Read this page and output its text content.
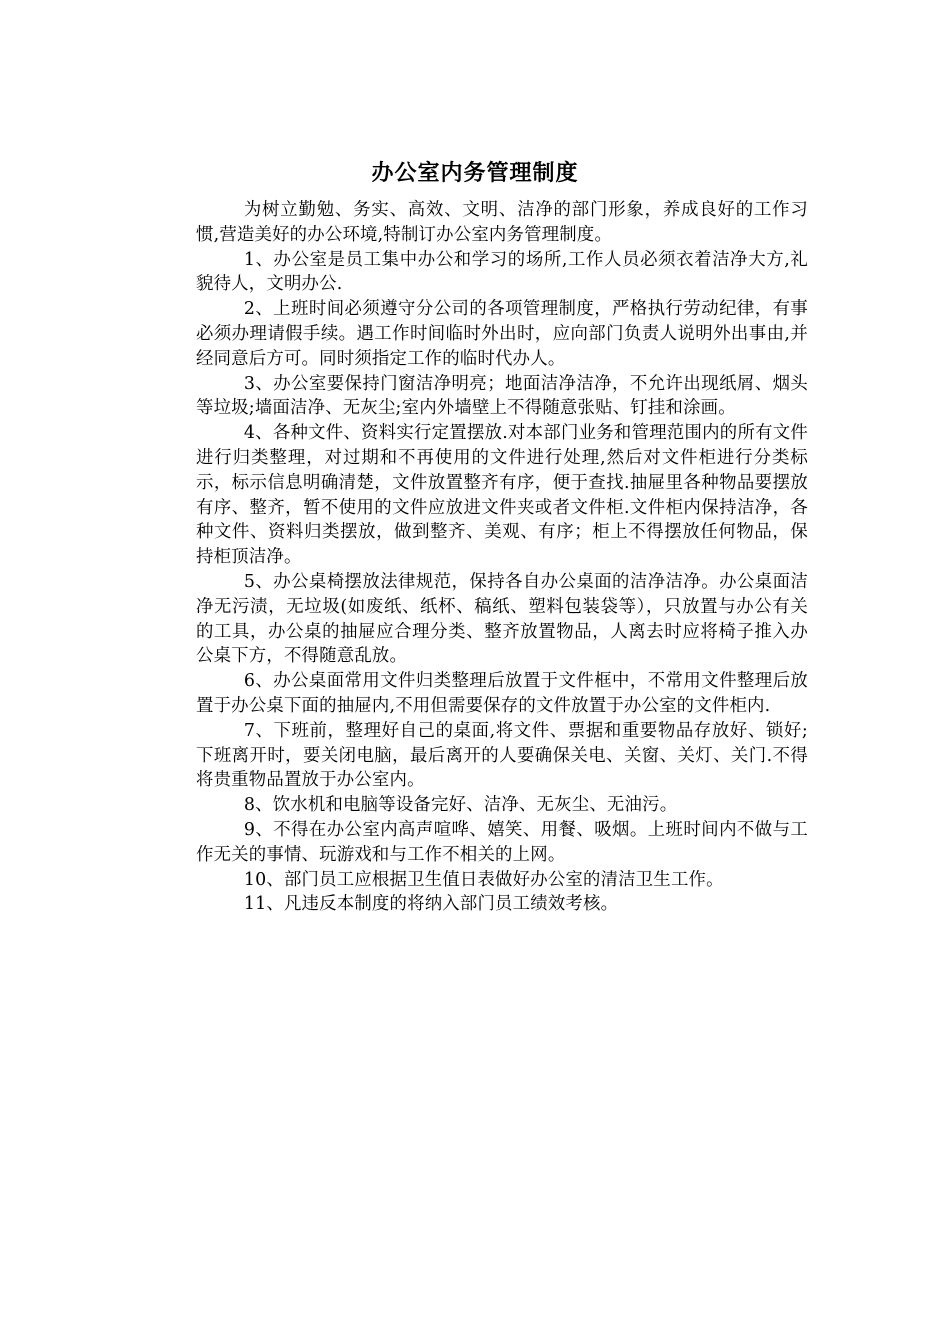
办公室内务管理制度

为树立勤勉、务实、高效、文明、洁净的部门形象，养成良好的工作习惯,营造美好的办公环境,特制订办公室内务管理制度。

1、办公室是员工集中办公和学习的场所,工作人员必须衣着洁净大方,礼貌待人，文明办公.

2、上班时间必须遵守分公司的各项管理制度，严格执行劳动纪律，有事必须办理请假手续。遇工作时间临时外出时，应向部门负责人说明外出事由,并经同意后方可。同时须指定工作的临时代办人。

3、办公室要保持门窗洁净明亮；地面洁净洁净，不允许出现纸屑、烟头等垃圾;墙面洁净、无灰尘;室内外墙壁上不得随意张贴、钉挂和涂画。

4、各种文件、资料实行定置摆放.对本部门业务和管理范围内的所有文件进行归类整理，对过期和不再使用的文件进行处理,然后对文件柜进行分类标示，标示信息明确清楚，文件放置整齐有序，便于查找.抽屉里各种物品要摆放有序、整齐，暂不使用的文件应放进文件夹或者文件柜.文件柜内保持洁净，各种文件、资料归类摆放，做到整齐、美观、有序；柜上不得摆放任何物品，保持柜顶洁净。

5、办公桌椅摆放法律规范，保持各自办公桌面的洁净洁净。办公桌面洁净无污渍，无垃圾(如废纸、纸杯、稿纸、塑料包装袋等），只放置与办公有关的工具，办公桌的抽屉应合理分类、整齐放置物品，人离去时应将椅子推入办公桌下方，不得随意乱放。

6、办公桌面常用文件归类整理后放置于文件框中，不常用文件整理后放置于办公桌下面的抽屉内,不用但需要保存的文件放置于办公室的文件柜内.

7、下班前，整理好自己的桌面,将文件、票据和重要物品存放好、锁好;下班离开时，要关闭电脑，最后离开的人要确保关电、关窗、关灯、关门.不得将贵重物品置放于办公室内。

8、饮水机和电脑等设备完好、洁净、无灰尘、无油污。

9、不得在办公室内高声喧哗、嬉笑、用餐、吸烟。上班时间内不做与工作无关的事情、玩游戏和与工作不相关的上网。

10、部门员工应根据卫生值日表做好办公室的清洁卫生工作。

11、凡违反本制度的将纳入部门员工绩效考核。
